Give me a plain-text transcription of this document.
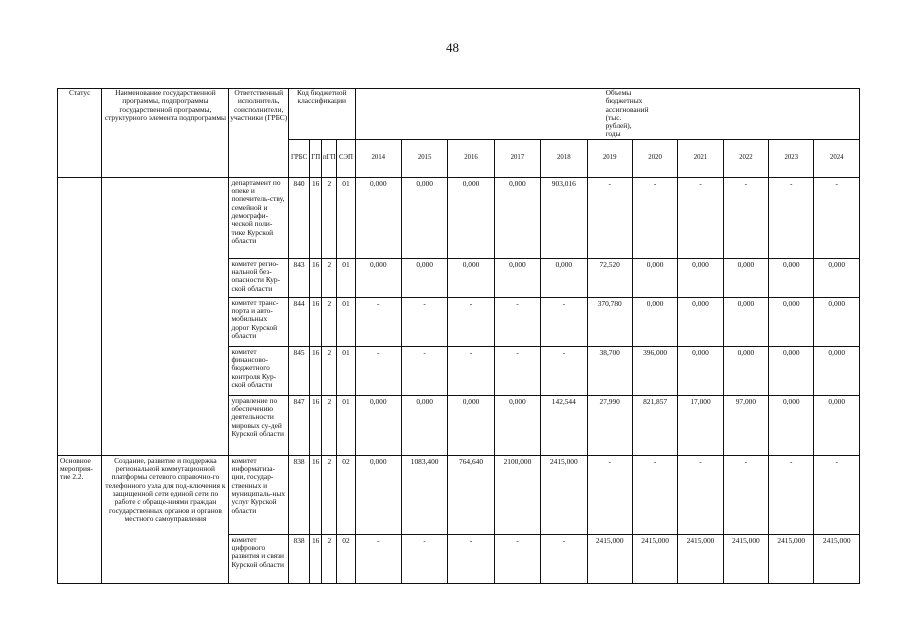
48
Статус	Наименование государственной программы, подпрограммы государственной программы, структурного элемента подпрограммы	Ответственный исполнитель, соисполнители, участники (ГРБС)	Код бюджетной классификации				Объемы бюджетных ассигнований (тыс. рублей), годы										
			ГРБС	ГП	пГП	СЭП	2014	2015	2016	2017	2018	2019	2020	2021	2022	2023	2024
		департамент по опеке и попечитель-ству, семейной и демографи-ческой поли-тике Курской области	840	16	2	01	0,000	0,000	0,000	0,000	903,016	-	-	-	-	-	-
		комитет регио-нальной без-опасности Кур-ской области	843	16	2	01	0,000	0,000	0,000	0,000	0,000	72,520	0,000	0,000	0,000	0,000	0,000
		комитет транс-порта и авто-мобильных дорог Курской области	844	16	2	01	-	-	-	-	-	370,780	0,000	0,000	0,000	0,000	0,000
		комитет финансово-бюджетного контроля Кур-ской области	845	16	2	01	-	-	-	-	-	38,700	396,000	0,000	0,000	0,000	0,000
		управление по обеспечению деятельности мировых су-дей Курской области	847	16	2	01	0,000	0,000	0,000	0,000	142,544	27,990	821,857	17,000	97,000	0,000	0,000
Основное мероприя-тие 2.2.	Создание, развитие и поддержка региональной коммутационной платформы сетевого справочно-го телефонного узла для под-ключения к защищенной сети единой сети по работе с обраще-ниями граждан государственных органов и органов местного самоуправления	комитет информатиза-ции, государ-ственных и муниципаль-ных услуг Курской области	838	16	2	02	0,000	1083,400	764,640	2100,000	2415,000	-	-	-	-	-	-
		комитет цифрового развития и связи Курской области	838	16	2	02	-	-	-	-	-	2415,000	2415,000	2415,000	2415,000	2415,000	2415,000
